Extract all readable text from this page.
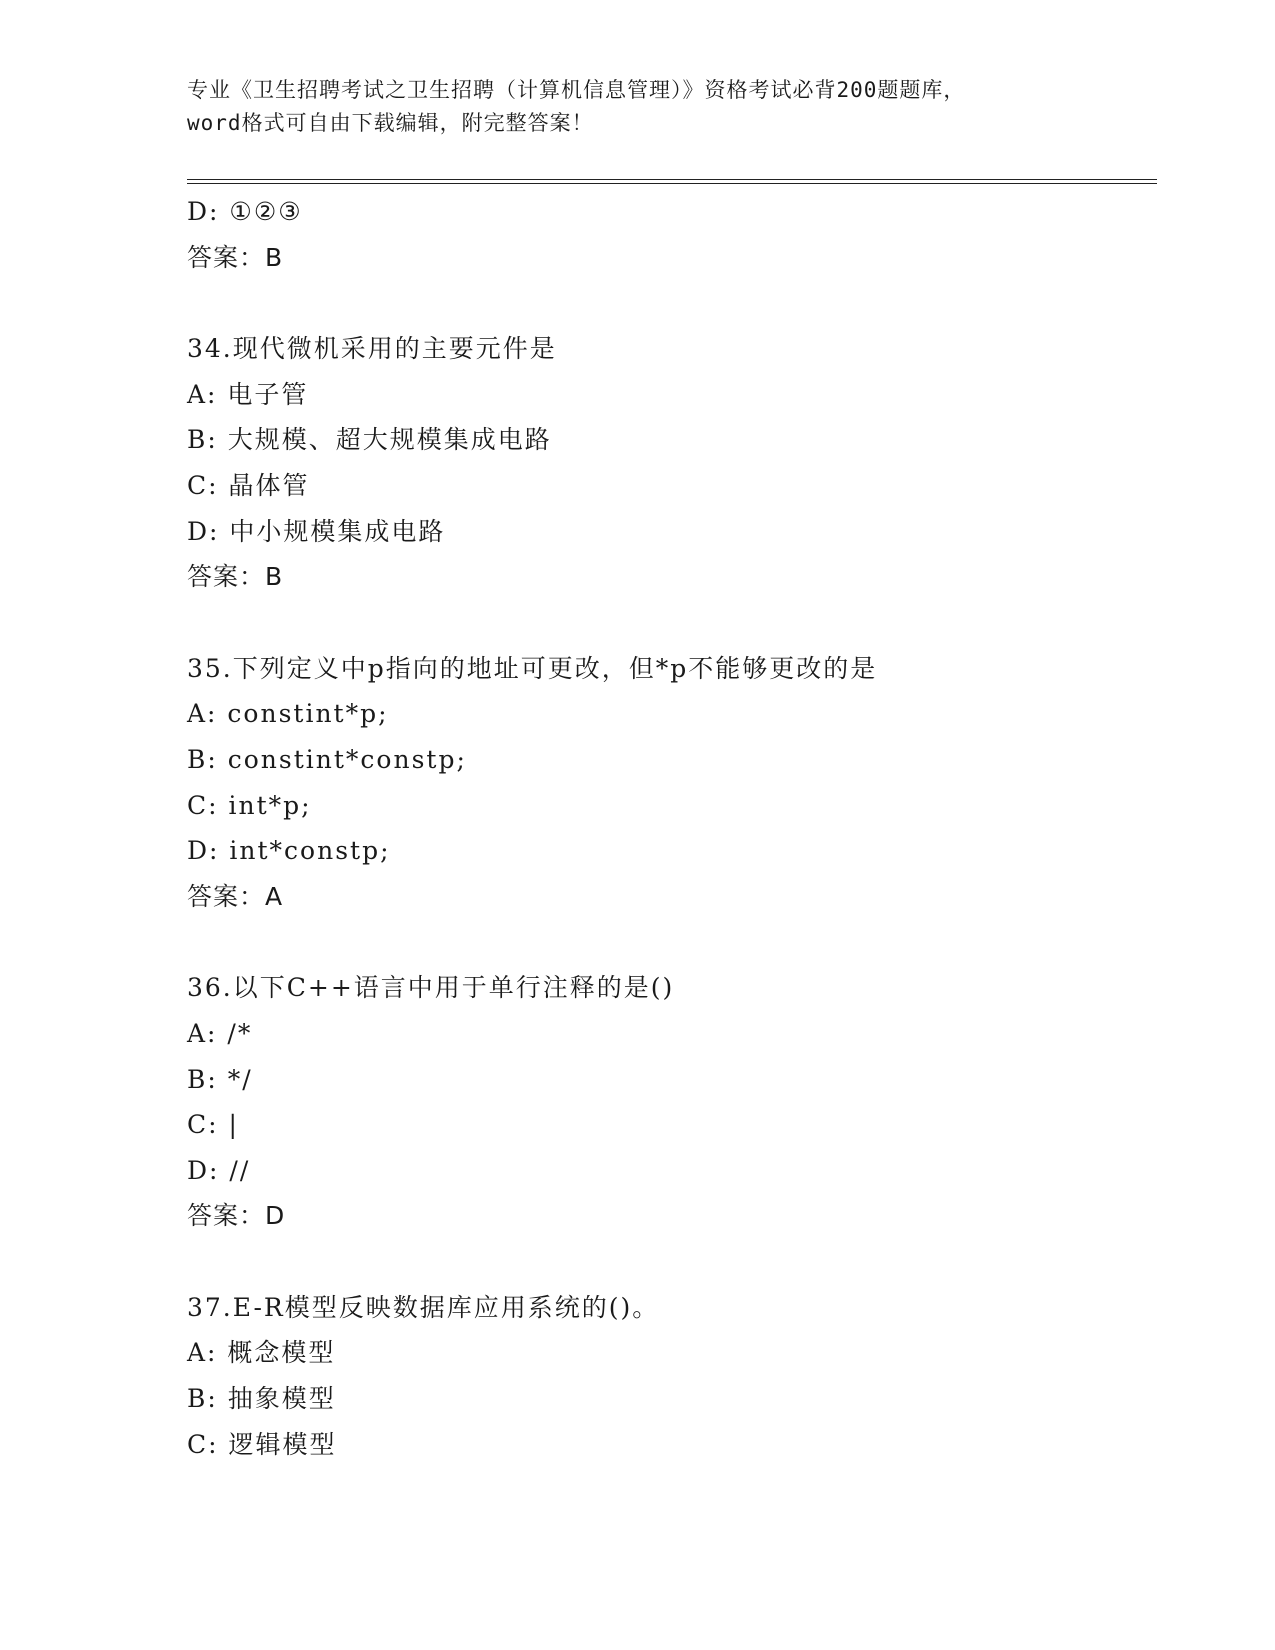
专业《卫生招聘考试之卫生招聘（计算机信息管理）》资格考试必背200题题库，
word格式可自由下载编辑，附完整答案！
D: ①②③
答案：B
34.现代微机采用的主要元件是
A: 电子管
B: 大规模、超大规模集成电路
C: 晶体管
D: 中小规模集成电路
答案：B
35.下列定义中p指向的地址可更改，但*p不能够更改的是
A: constint*p;
B: constint*constp;
C: int*p;
D: int*constp;
答案：A
36.以下C++语言中用于单行注释的是()
A: /*
B: */
C: |
D: //
答案：D
37.E-R模型反映数据库应用系统的()。
A: 概念模型
B: 抽象模型
C: 逻辑模型
